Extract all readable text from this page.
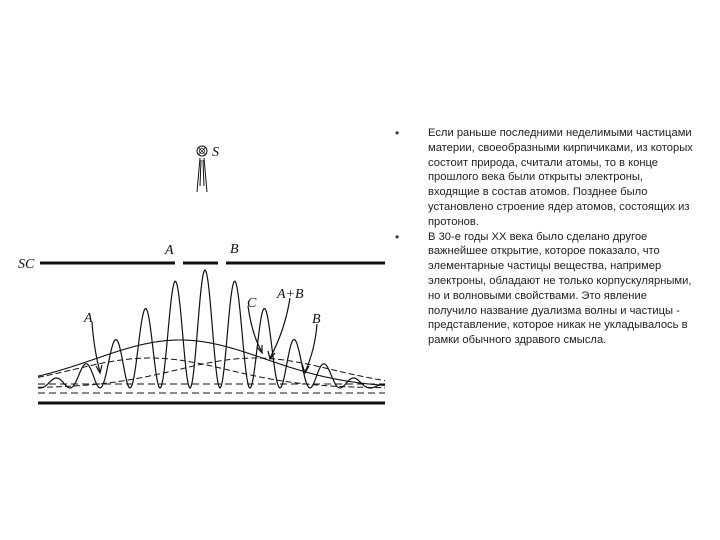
S
SC
A	B
A
C
A+B
B
•	Если раньше последними неделимыми частицами материи, своеобразными кирпичиками, из которых состоит природа, считали атомы, то в конце прошлого века были открыты электроны, входящие в состав атомов. Позднее было установлено строение ядер атомов, состоящих из протонов.
•	В 30-е годы XX века было сделано другое важнейшее открытие, которое показало, что элементарные частицы вещества, например электроны, обладают не только корпускулярными, но и волновыми свойствами. Это явление получило название дуализма волны и частицы - представление, которое никак не укладывалось в рамки обычного здравого смысла.
